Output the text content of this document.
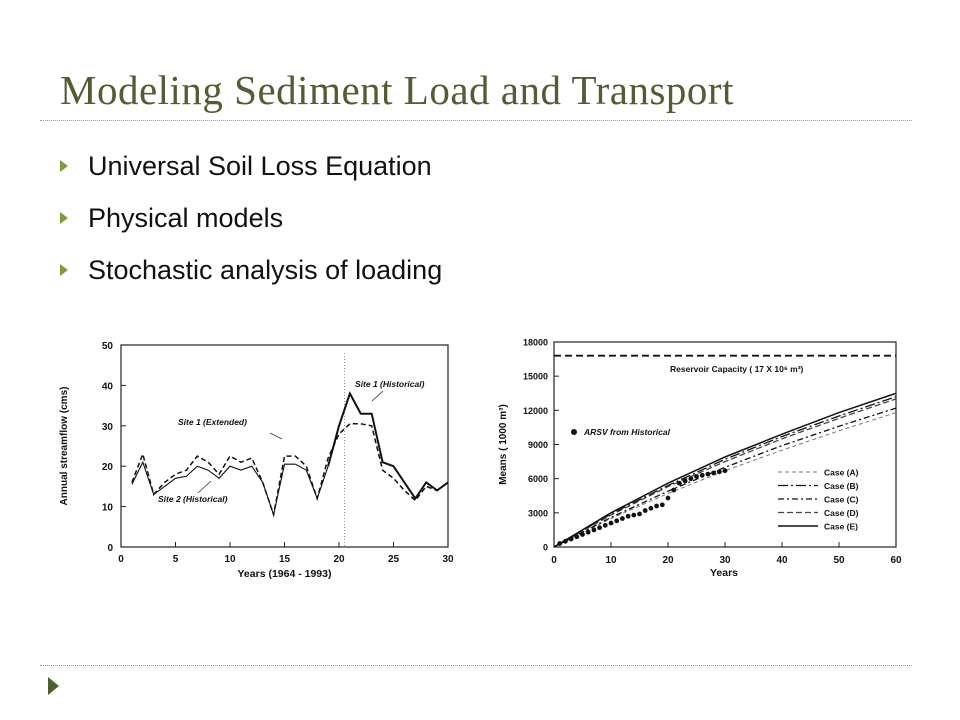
Modeling Sediment Load and Transport
Universal Soil Loss Equation
Physical models
Stochastic analysis of loading
0
10
20
30
40
50
0	5	10	15	20	25	30
Years (1964 - 1993)
Annual streamflow (cms)
Site 1 (Historical)
Site 1 (Extended)
Site 2 (Historical)
0
3000
6000
9000
12000
15000
18000
0	10	20	30	40	50	60
Years
Means ( 1000 m³)
Reservoir Capacity ( 17 X 10⁶ m³)
ARSV from Historical
Case (A)
Case (B)
Case (C)
Case (D)
Case (E)
